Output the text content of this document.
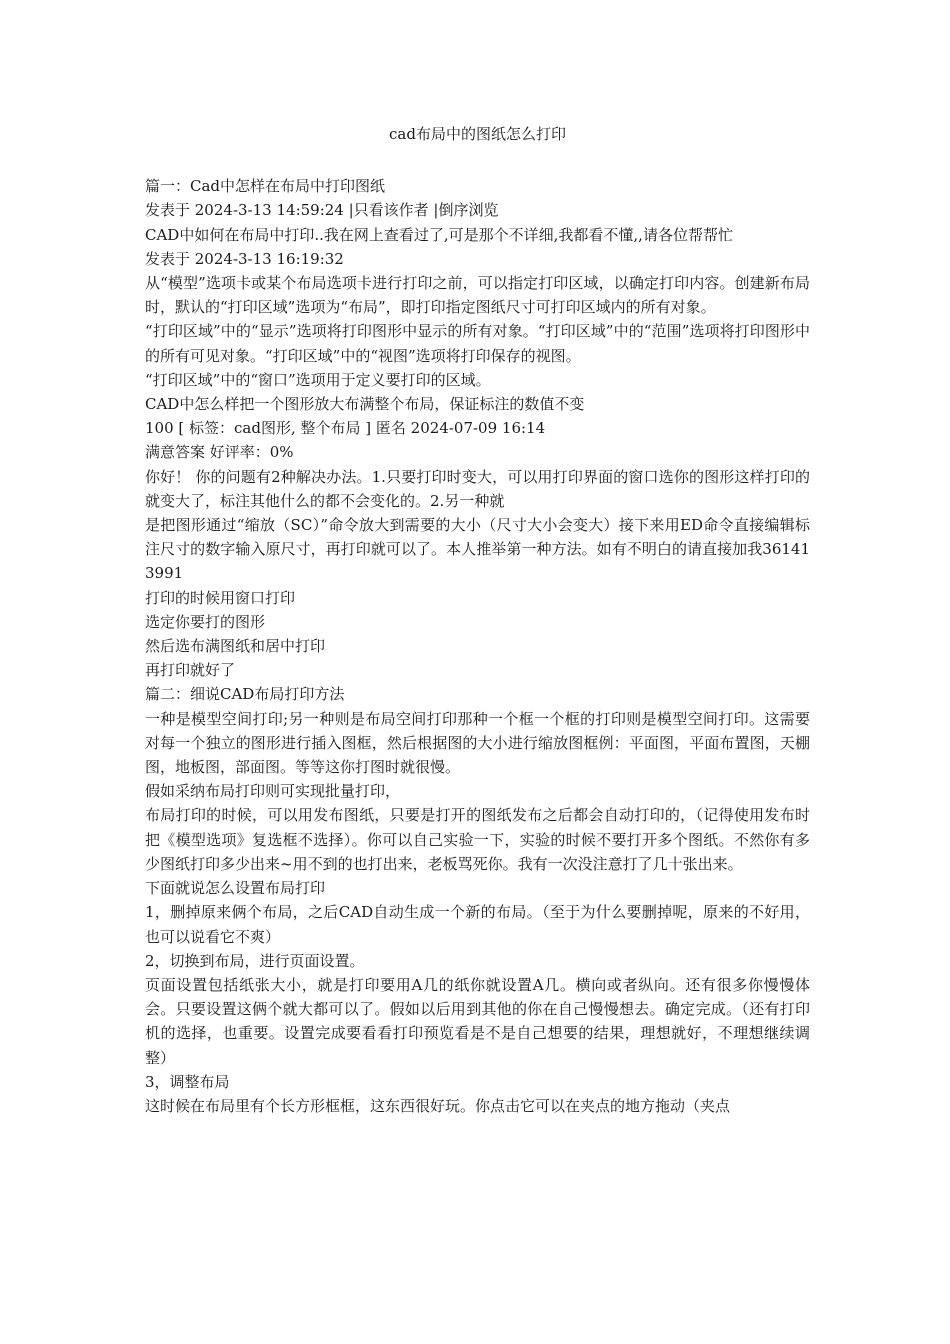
cad布局中的图纸怎么打印

篇一：Cad中怎样在布局中打印图纸

发表于 2024-3-13 14:59:24 |只看该作者 |倒序浏览

CAD中如何在布局中打印..我在网上查看过了,可是那个不详细,我都看不懂,,请各位帮帮忙

发表于 2024-3-13 16:19:32

从“模型”选项卡或某个布局选项卡进行打印之前，可以指定打印区域，以确定打印内容。创建新布局时，默认的“打印区域”选项为“布局”，即打印指定图纸尺寸可打印区域内的所有对象。

“打印区域”中的“显示”选项将打印图形中显示的所有对象。“打印区域”中的“范围”选项将打印图形中的所有可见对象。“打印区域”中的“视图”选项将打印保存的视图。

“打印区域”中的“窗口”选项用于定义要打印的区域。

CAD中怎么样把一个图形放大布满整个布局，保证标注的数值不变

100 [ 标签：cad图形, 整个布局 ] 匿名 2024-07-09 16:14

满意答案 好评率：0%

你好！ 你的问题有2种解决办法。1.只要打印时变大，可以用打印界面的窗口选你的图形这样打印的就变大了，标注其他什么的都不会变化的。2.另一种就

是把图形通过“缩放（SC）”命令放大到需要的大小（尺寸大小会变大）接下来用ED命令直接编辑标注尺寸的数字输入原尺寸，再打印就可以了。本人推举第一种方法。如有不明白的请直接加我361413991

打印的时候用窗口打印

选定你要打的图形

然后选布满图纸和居中打印

再打印就好了

篇二：细说CAD布局打印方法

一种是模型空间打印;另一种则是布局空间打印那种一个框一个框的打印则是模型空间打印。这需要对每一个独立的图形进行插入图框，然后根据图的大小进行缩放图框例：平面图，平面布置图，天棚图，地板图，部面图。等等这你打图时就很慢。

假如采纳布局打印则可实现批量打印，

布局打印的时候，可以用发布图纸，只要是打开的图纸发布之后都会自动打印的，（记得使用发布时把《模型选项》复选框不选择）。你可以自己实验一下，实验的时候不要打开多个图纸。不然你有多少图纸打印多少出来~用不到的也打出来，老板骂死你。我有一次没注意打了几十张出来。

下面就说怎么设置布局打印

1，删掉原来俩个布局，之后CAD自动生成一个新的布局。（至于为什么要删掉呢，原来的不好用，也可以说看它不爽）

2，切换到布局，进行页面设置。

页面设置包括纸张大小，就是打印要用A几的纸你就设置A几。横向或者纵向。还有很多你慢慢体会。只要设置这俩个就大都可以了。假如以后用到其他的你在自己慢慢想去。确定完成。（还有打印机的选择，也重要。设置完成要看看打印预览看是不是自己想要的结果，理想就好，不理想继续调整）

3，调整布局

这时候在布局里有个长方形框框，这东西很好玩。你点击它可以在夹点的地方拖动（夹点
